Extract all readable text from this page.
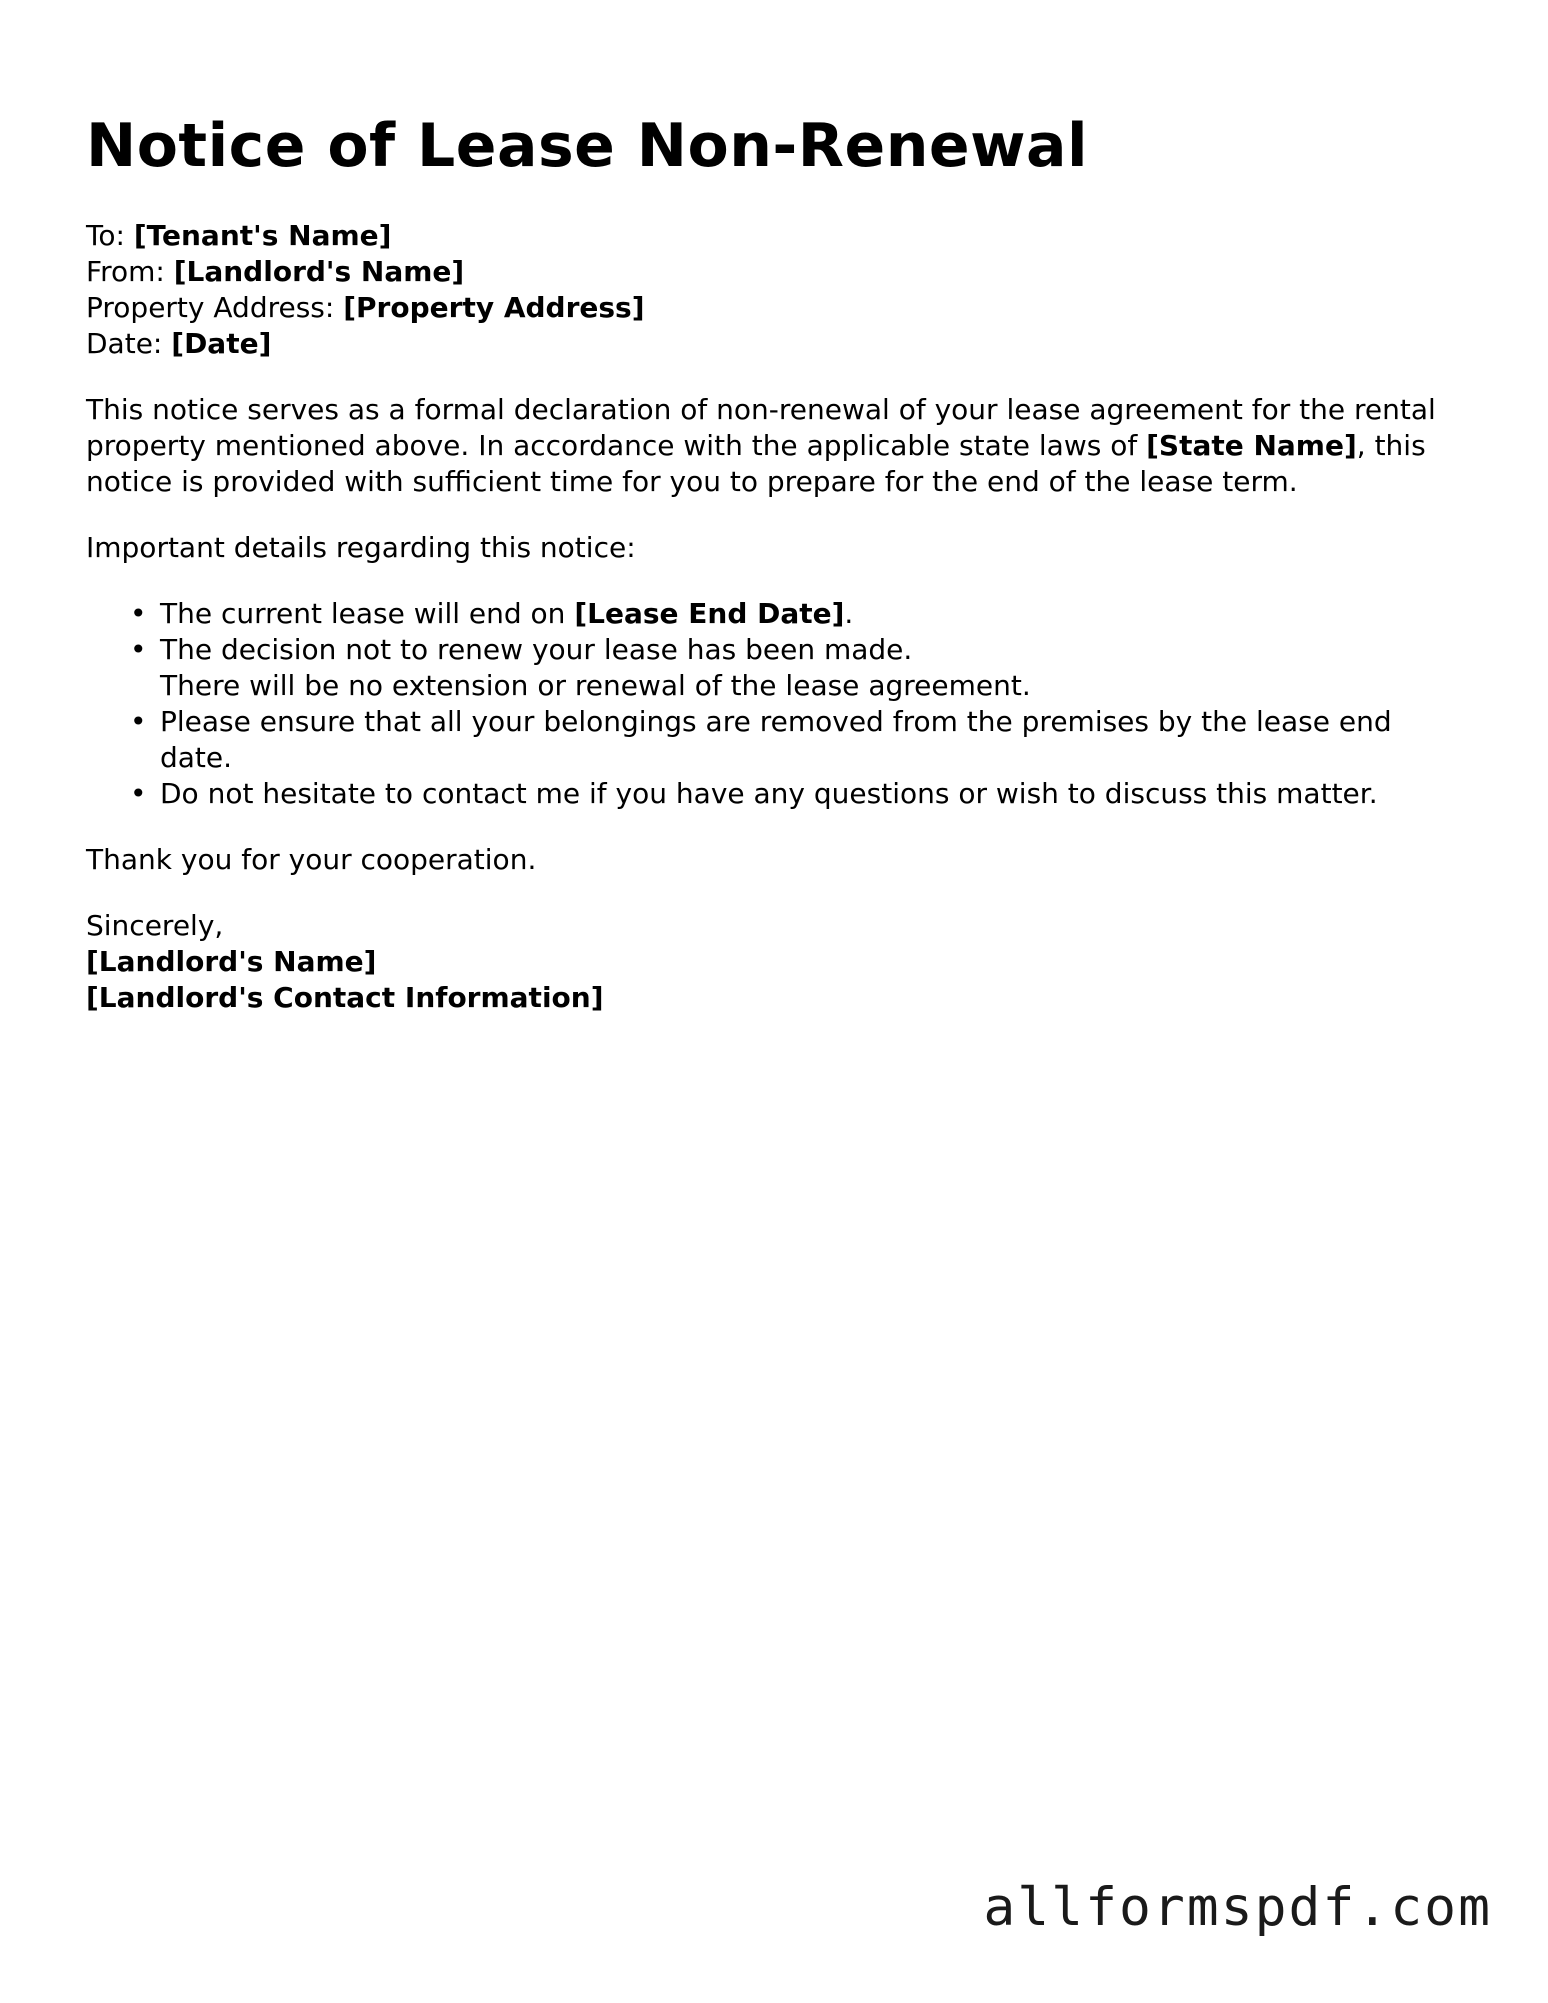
Notice of Lease Non-Renewal
To: [Tenant's Name]
From: [Landlord's Name]
Property Address: [Property Address]
Date: [Date]

This notice serves as a formal declaration of non-renewal of your lease agreement for the rental property mentioned above. In accordance with the applicable state laws of [State Name], this notice is provided with sufficient time for you to prepare for the end of the lease term.

Important details regarding this notice:

• The current lease will end on [Lease End Date].
• The decision not to renew your lease has been made.
There will be no extension or renewal of the lease agreement.
• Please ensure that all your belongings are removed from the premises by the lease end date.
• Do not hesitate to contact me if you have any questions or wish to discuss this matter.

Thank you for your cooperation.

Sincerely,
[Landlord's Name]
[Landlord's Contact Information]
allformspdf.com
